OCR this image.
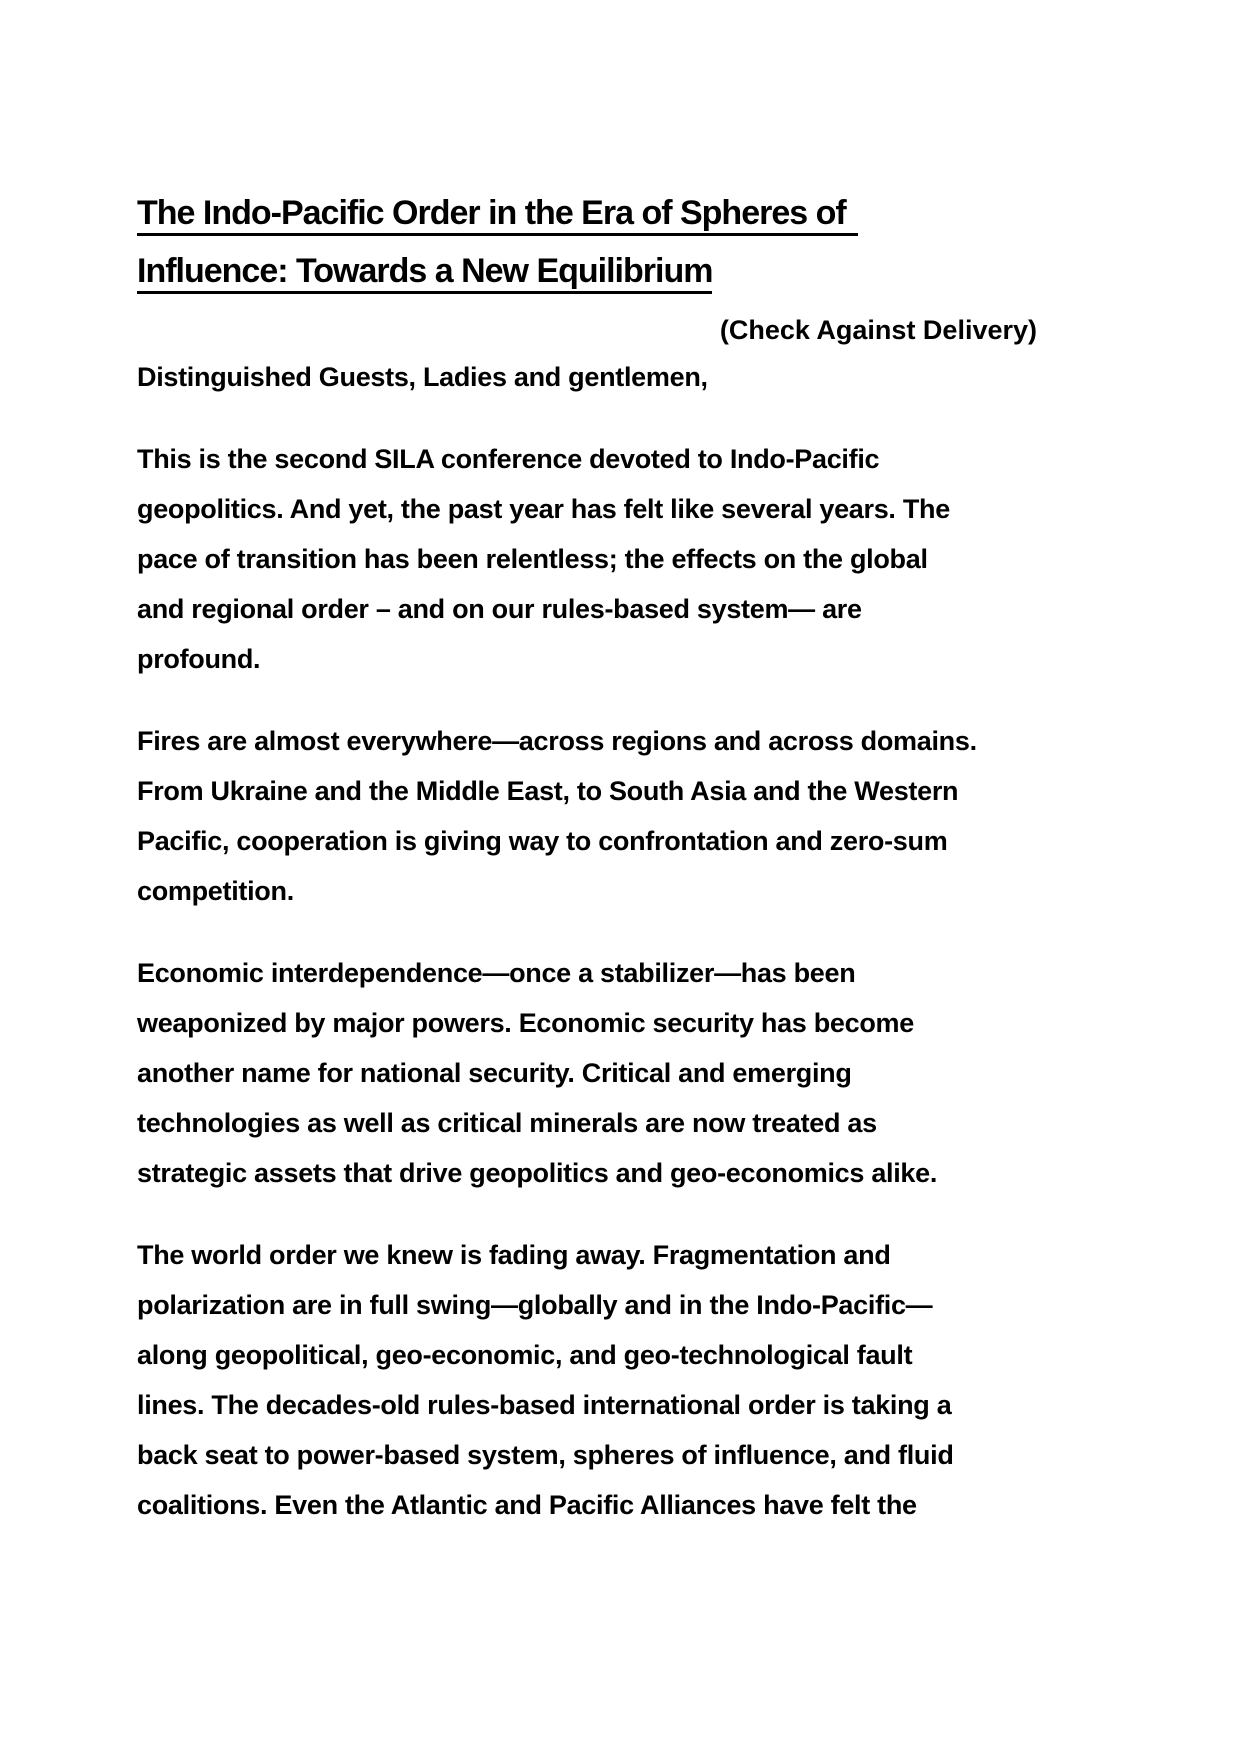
The Indo-Pacific Order in the Era of Spheres of
Influence: Towards a New Equilibrium
(Check Against Delivery)
Distinguished Guests, Ladies and gentlemen,
This is the second SILA conference devoted to Indo-Pacific
geopolitics. And yet, the past year has felt like several years. The
pace of transition has been relentless; the effects on the global
and regional order – and on our rules-based system— are
profound.
Fires are almost everywhere—across regions and across domains.
From Ukraine and the Middle East, to South Asia and the Western
Pacific, cooperation is giving way to confrontation and zero-sum
competition.
Economic interdependence—once a stabilizer—has been
weaponized by major powers. Economic security has become
another name for national security. Critical and emerging
technologies as well as critical minerals are now treated as
strategic assets that drive geopolitics and geo-economics alike.
The world order we knew is fading away. Fragmentation and
polarization are in full swing—globally and in the Indo-Pacific—
along geopolitical, geo-economic, and geo-technological fault
lines. The decades-old rules-based international order is taking a
back seat to power-based system, spheres of influence, and fluid
coalitions. Even the Atlantic and Pacific Alliances have felt the
